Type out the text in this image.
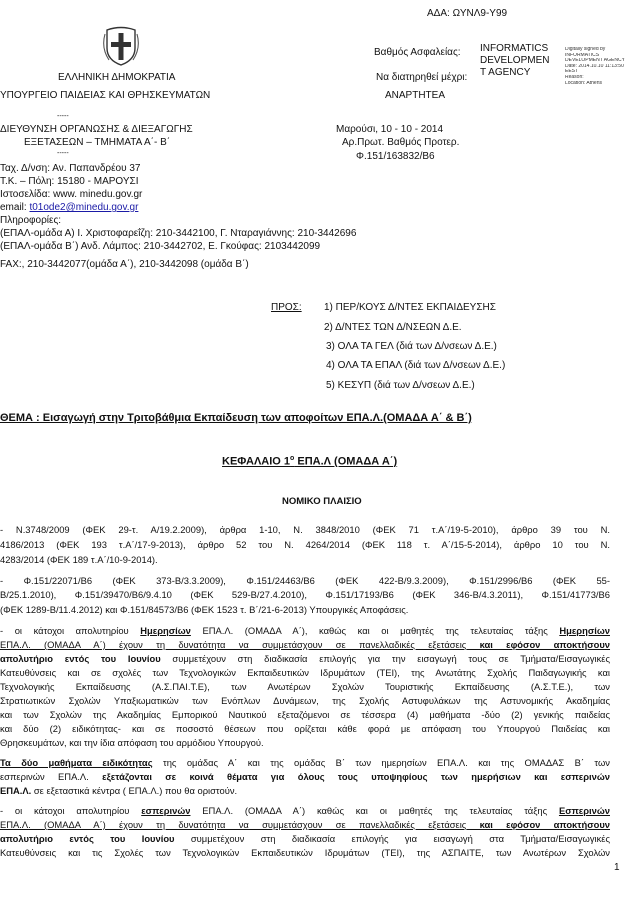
ΑΔΑ: ΩΥΝΛ9-Υ99
Βαθμός Ασφαλείας:
Να διατηρηθεί μέχρι:
INFORMATICS
DEVELOPMEN
T AGENCY
Digitally signed by
INFORMATICS
DEVELOPMENT AGENCY
Date: 2014.10.10 11:13:50
EEST
Reason:
Location: Athens
ΕΛΛΗΝΙΚΗ ΔΗΜΟΚΡΑΤΙΑ
ΥΠΟΥΡΓΕΙΟ ΠΑΙΔΕΙΑΣ ΚΑΙ ΘΡΗΣΚΕΥΜΑΤΩΝ	ΑΝΑΡΤΗΤΕΑ
-----
ΔΙΕΥΘΥΝΣΗ ΟΡΓΑΝΩΣΗΣ & ΔΙΕΞΑΓΩΓΗΣ
ΕΞΕΤΑΣΕΩΝ – ΤΜΗΜΑΤΑ Α΄- Β΄
-----
Μαρούσι, 10 - 10 - 2014
Αρ.Πρωτ. Βαθμός Προτερ.
Φ.151/163832/Β6
Ταχ. Δ/νση: Αν. Παπανδρέου 37
Τ.Κ. – Πόλη: 15180 - ΜΑΡΟΥΣΙ
Ιστοσελίδα: www. minedu.gov.gr
email: t01ode2@minedu.gov.gr
Πληροφορίες:
(ΕΠΑΛ-ομάδα Α) Ι. Χριστοφαρεΐζη: 210-3442100, Γ. Νταραγιάννης: 210-3442696
(ΕΠΑΛ-ομάδα Β΄) Ανδ. Λάμπος: 210-3442702, Ε. Γκούφας: 2103442099
FAX:, 210-3442077(ομάδα Α΄), 210-3442098 (ομάδα Β΄)
ΠΡΟΣ: 1) ΠΕΡ/ΚΟΥΣ Δ/ΝΤΕΣ ΕΚΠΑΙΔΕΥΣΗΣ
2) Δ/ΝΤΕΣ ΤΩΝ Δ/ΝΣΕΩΝ Δ.Ε.
3) ΟΛΑ ΤΑ ΓΕΛ (διά των Δ/νσεων Δ.Ε.)
4) ΟΛΑ ΤΑ ΕΠΑΛ (διά των Δ/νσεων Δ.Ε.)
5) ΚΕΣΥΠ (διά των Δ/νσεων Δ.Ε.)
ΘΕΜΑ : Εισαγωγή στην Τριτοβάθμια Εκπαίδευση των αποφοίτων ΕΠΑ.Λ.(ΟΜΑΔΑ Α΄ & Β΄)
ΚΕΦΑΛΑΙΟ $1^o$ ΕΠΑ.Λ (ΟΜΑΔΑ Α΄)
ΝΟΜΙΚΟ ΠΛΑΙΣΙΟ
- Ν.3748/2009 (ΦΕΚ 29-τ. Α/19.2.2009), άρθρα 1-10, Ν. 3848/2010 (ΦΕΚ 71 τ.Α΄/19-5-2010), άρθρο 39 του Ν.
4186/2013 (ΦΕΚ 193 τ.Α΄/17-9-2013), άρθρο 52 του Ν. 4264/2014 (ΦΕΚ 118 τ. Α΄/15-5-2014), άρθρο 10 του Ν.
4283/2014 (ΦΕΚ 189 τ.Α΄/10-9-2014).
- Φ.151/22071/Β6 (ΦΕΚ 373-Β/3.3.2009), Φ.151/24463/Β6 (ΦΕΚ 422-Β/9.3.2009), Φ.151/2996/Β6 (ΦΕΚ 55-
Β/25.1.2010), Φ.151/39470/Β6/9.4.10 (ΦΕΚ 529-Β/27.4.2010), Φ.151/17193/Β6 (ΦΕΚ 346-Β/4.3.2011), Φ.151/41773/Β6
(ΦΕΚ 1289-Β/11.4.2012) και Φ.151/84573/Β6 (ΦΕΚ 1523 τ. Β΄/21-6-2013) Υπουργικές Αποφάσεις.
- οι κάτοχοι απολυτηρίου Ημερησίων ΕΠΑ.Λ. (ΟΜΑΔΑ Α΄), καθώς και οι μαθητές της τελευταίας τάξης Ημερησίων
ΕΠΑ.Λ. (ΟΜΑΔΑ Α΄) έχουν τη δυνατότητα να συμμετάσχουν σε πανελλαδικές εξετάσεις και εφόσον αποκτήσουν
απολυτήριο εντός του Ιουνίου συμμετέχουν στη διαδικασία επιλογής για την εισαγωγή τους σε Τμήματα/Εισαγωγικές
Κατευθύνσεις και σε σχολές των Τεχνολογικών Εκπαιδευτικών Ιδρυμάτων (ΤΕΙ), της Ανωτάτης Σχολής Παιδαγωγικής και
Τεχνολογικής Εκπαίδευσης (Α.Σ.ΠΑΙ.Τ.Ε), των Ανωτέρων Σχολών Τουριστικής Εκπαίδευσης (Α.Σ.Τ.Ε.), των
Στρατιωτικών Σχολών Υπαξιωματικών των Ενόπλων Δυνάμεων, της Σχολής Αστυφυλάκων της Αστυνομικής Ακαδημίας
και των Σχολών της Ακαδημίας Εμπορικού Ναυτικού εξεταζόμενοι σε τέσσερα (4) μαθήματα -δύο (2) γενικής παιδείας
και δύο (2) ειδικότητας- και σε ποσοστό θέσεων που ορίζεται κάθε φορά με απόφαση του Υπουργού Παιδείας και
Θρησκευμάτων, και την ίδια απόφαση του αρμόδιου Υπουργού.
Τα δύο μαθήματα ειδικότητας της ομάδας Α΄ και της ομάδας Β΄ των ημερησίων ΕΠΑ.Λ. και της ΟΜΑΔΑΣ Β΄ των
εσπερινών ΕΠΑ.Λ. εξετάζονται σε κοινά θέματα για όλους τους υποψηφίους των ημερήσιων και εσπερινών
ΕΠΑ.Λ. σε εξεταστικά κέντρα ( ΕΠΑ.Λ.) που θα οριστούν.
- οι κάτοχοι απολυτηρίου εσπερινών ΕΠΑ.Λ. (ΟΜΑΔΑ Α΄) καθώς και οι μαθητές της τελευταίας τάξης Εσπερινών
ΕΠΑ.Λ. (ΟΜΑΔΑ Α΄) έχουν τη δυνατότητα να συμμετάσχουν σε πανελλαδικές εξετάσεις και εφόσον αποκτήσουν
απολυτήριο εντός του Ιουνίου συμμετέχουν στη διαδικασία επιλογής για εισαγωγή στα Τμήματα/Εισαγωγικές
Κατευθύνσεις και τις Σχολές των Τεχνολογικών Εκπαιδευτικών Ιδρυμάτων (ΤΕΙ), της ΑΣΠΑΙΤΕ, των Ανωτέρων Σχολών
1
